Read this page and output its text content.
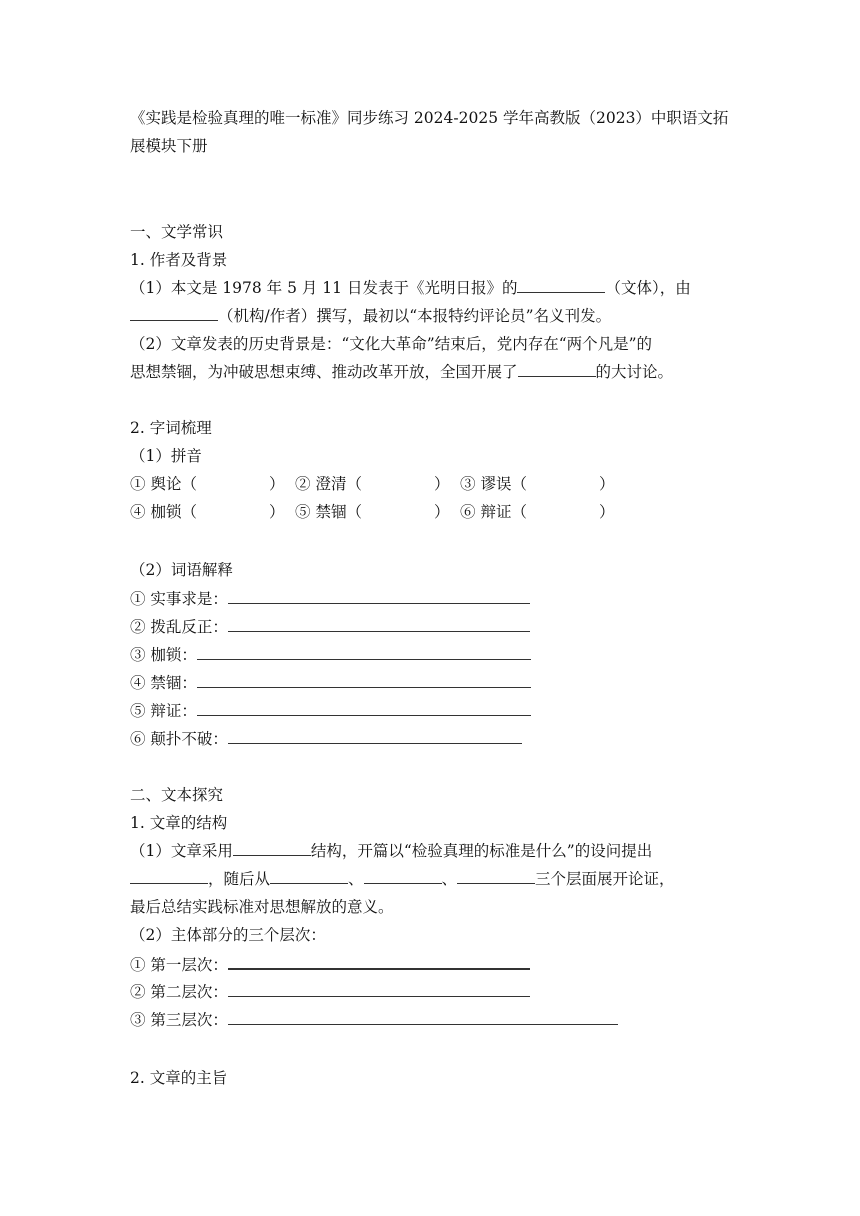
《实践是检验真理的唯一标准》同步练习 2024-2025 学年高教版（2023）中职语文拓展模块下册
一、文学常识
1. 作者及背景
（1）本文是 1978 年 5 月 11 日发表于《光明日报》的	（文体），由
（机构/作者）撰写，最初以“本报特约评论员”名义刊发。
（2）文章发表的历史背景是：“文化大革命”结束后，党内存在“两个凡是”的
思想禁锢，为冲破思想束缚、推动改革开放，全国开展了	的大讨论。
2. 字词梳理
（1）拼音
① 舆论（	） ② 澄清（	） ③ 谬误（	）
④ 枷锁（	） ⑤ 禁锢（	） ⑥ 辩证（	）
（2）词语解释
① 实事求是：
② 拨乱反正：
③ 枷锁：
④ 禁锢：
⑤ 辩证：
⑥ 颠扑不破：
二、文本探究
1. 文章的结构
（1）文章采用	结构，开篇以“检验真理的标准是什么”的设问提出
，随后从	、	、	三个层面展开论证，
最后总结实践标准对思想解放的意义。
（2）主体部分的三个层次：
① 第一层次：
② 第二层次：
③ 第三层次：
2. 文章的主旨
